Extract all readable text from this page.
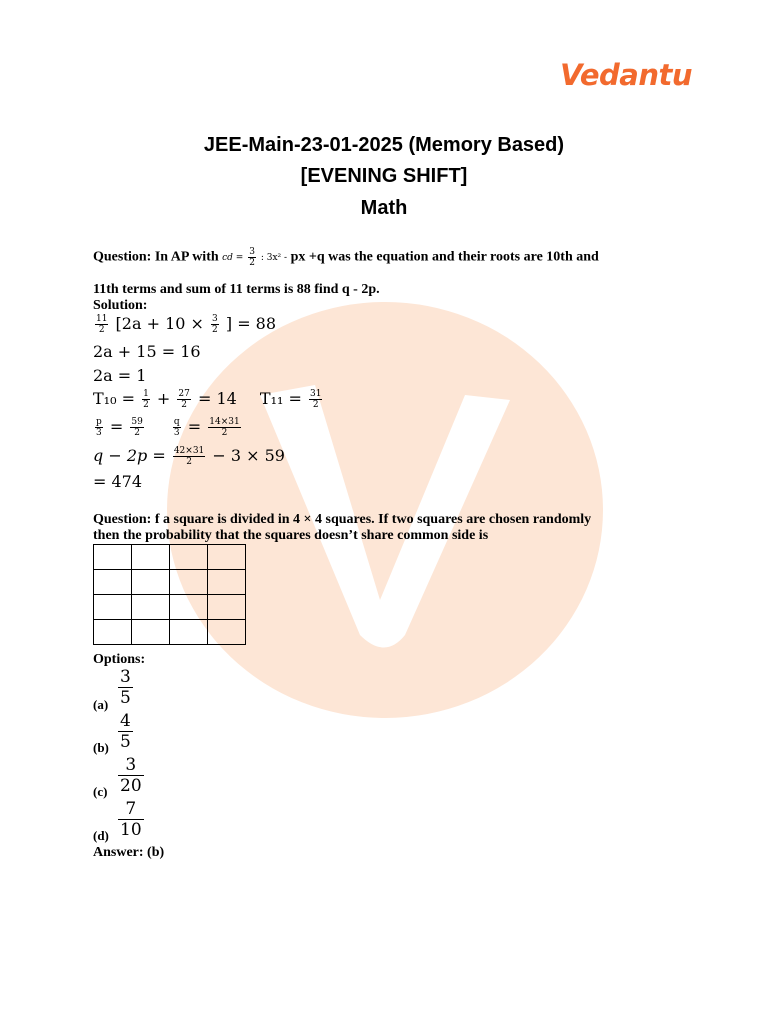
Vedantu
JEE-Main-23-01-2025 (Memory Based)
[EVENING SHIFT]
Math
Question: In AP with cd = $\frac{3}{2}$ : 3x² - px +q was the equation and their roots are 10th and
11th terms and sum of 11 terms is 88 find q - 2p.
Solution:
$\frac{11}{2} [2a + 10 \times \frac{3}{2}$ ] = 88
2a + 15 = 16
2a = 1
$T_{10} = \frac{1}{2} + \frac{27}{2} = 14$ $T_{11} = \frac{31}{2}$
$\frac{p}{3} = \frac{59}{2}$
	$\frac{q}{3} = \frac{14\times 31}{2}$
$q - 2p = \frac{42\times 31}{2} - 3 \times 59$
= 474
Question: f a square is divided in 4 × 4 squares. If two squares are chosen randomly
then the probability that the squares doesn’t share common side is

Options:
3
5
(a)
4
5
(b)
3
20
(c)
7
10
(d)
Answer: (b)
